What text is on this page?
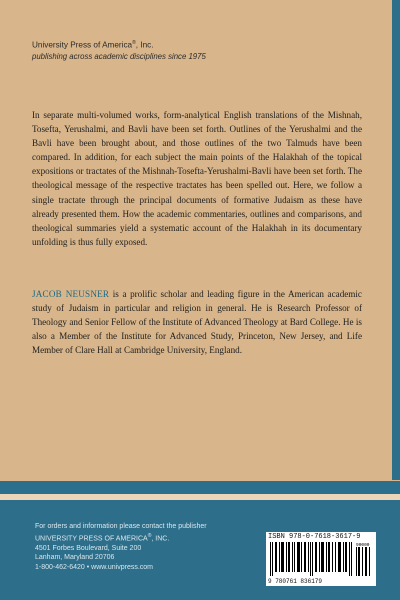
University Press of America®, Inc.
publishing across academic disciplines since 1975
In separate multi-volumed works, form-analytical English translations of the Mishnah, Tosefta, Yerushalmi, and Bavli have been set forth. Outlines of the Yerushalmi and the Bavli have been brought about, and those outlines of the two Talmuds have been compared. In addition, for each subject the main points of the Halakhah of the topical expositions or tractates of the Mishnah-Tosefta-Yerushalmi-Bavli have been set forth. The theological message of the respective tractates has been spelled out. Here, we follow a single tractate through the principal documents of formative Judaism as these have already presented them. How the academic commentaries, outlines and comparisons, and theological summaries yield a systematic account of the Halakhah in its documentary unfolding is thus fully exposed.
JACOB NEUSNER is a prolific scholar and leading figure in the American academic study of Judaism in particular and religion in general. He is Research Professor of Theology and Senior Fellow of the Institute of Advanced Theology at Bard College. He is also a Member of the Institute for Advanced Study, Princeton, New Jersey, and Life Member of Clare Hall at Cambridge University, England.
For orders and information please contact the publisher
UNIVERSITY PRESS OF AMERICA®, INC.
4501 Forbes Boulevard, Suite 200
Lanham, Maryland 20706
1-800-462-6420 • www.univpress.com
ISBN 978-0-7618-3617-9
90000
9 780761 836179
